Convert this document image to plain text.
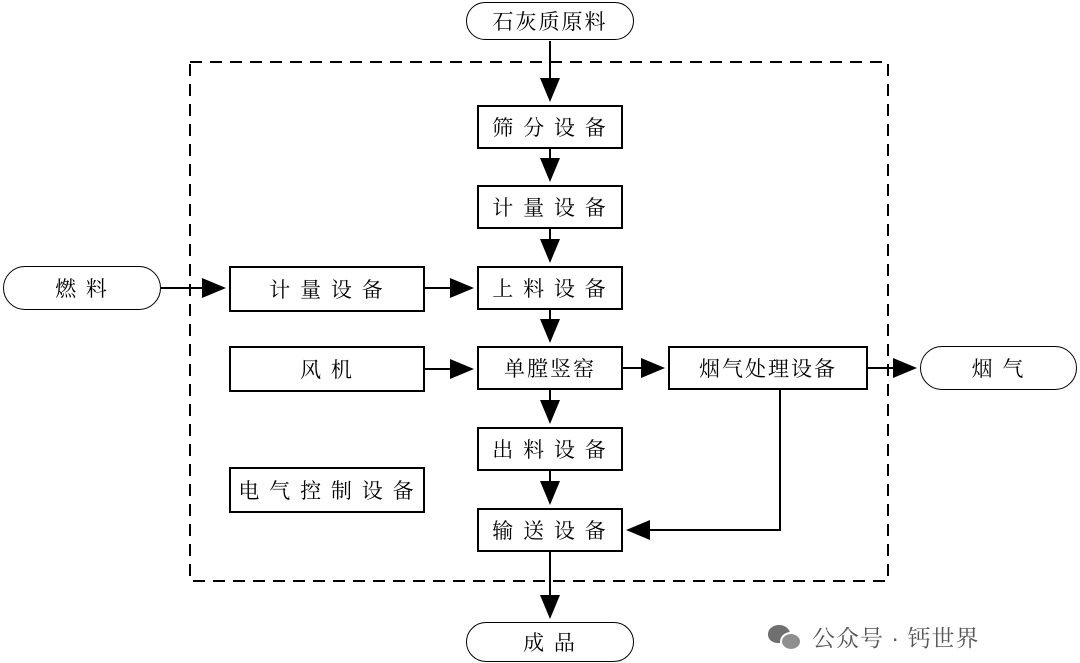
石灰质原料
筛 分 设 备
计 量 设 备
上 料 设 备
单膛竖窑
出 料 设 备
输 送 设 备
燃 料	计 量 设 备
风 机
电 气 控 制 设 备
烟气处理设备	烟 气
成 品	公众号 · 钙世界
